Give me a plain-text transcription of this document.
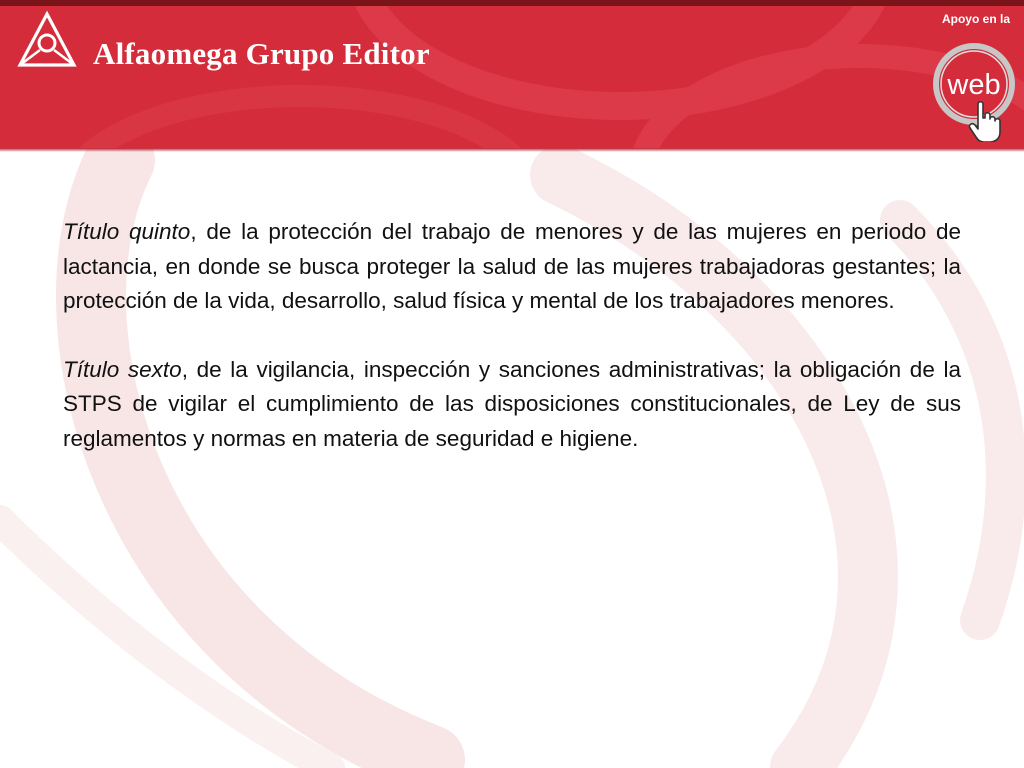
Alfaomega Grupo Editor
Apoyo en la
web

Título quinto, de la protección del trabajo de menores y de las mujeres en periodo de lactancia, en donde se busca proteger la salud de las mujeres trabajadoras gestantes; la protección de la vida, desarrollo, salud física y mental de los trabajadores menores.

Título sexto, de la vigilancia, inspección y sanciones administrativas; la obligación de la STPS de vigilar el cumplimiento de las disposiciones constitucionales, de Ley de sus reglamentos y normas en materia de seguridad e higiene.
